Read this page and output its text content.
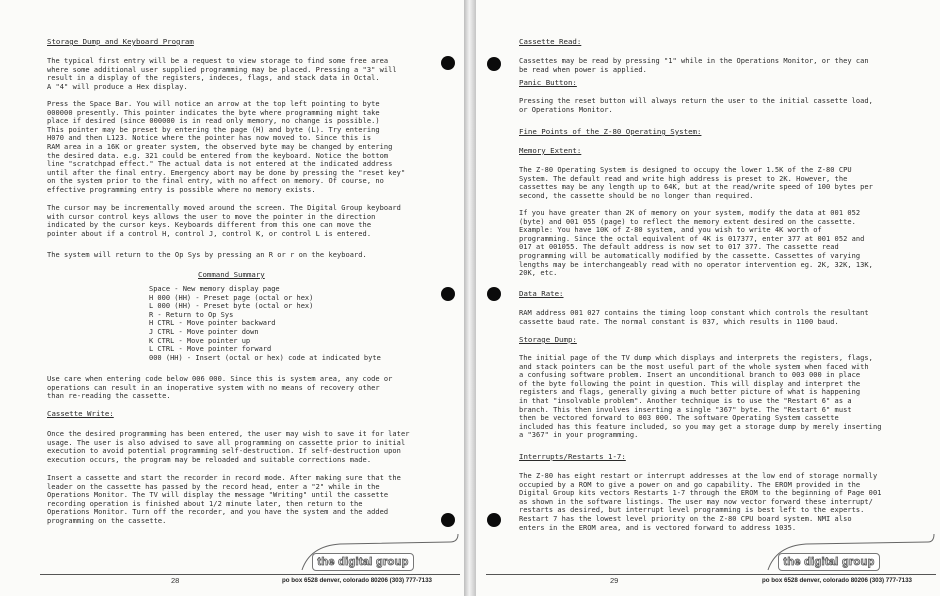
Storage Dump and Keyboard Program

The typical first entry will be a request to view storage to find some free area
where some additional user supplied programming may be placed. Pressing a "3" will
result in a display of the registers, indeces, flags, and stack data in Octal.
A "4" will produce a Hex display.

Press the Space Bar. You will notice an arrow at the top left pointing to byte
000000 presently. This pointer indicates the byte where programming might take
place if desired (since 000000 is in read only memory, no change is possible.)
This pointer may be preset by entering the page (H) and byte (L). Try entering
H070 and then L123. Notice where the pointer has now moved to. Since this is
RAM area in a 16K or greater system, the observed byte may be changed by entering
the desired data. e.g. 321 could be entered from the keyboard. Notice the bottom
line "scratchpad effect." The actual data is not entered at the indicated address
until after the final entry. Emergency abort may be done by pressing the "reset key"
on the system prior to the final entry, with no affect on memory. Of course, no
effective programming entry is possible where no memory exists.

The cursor may be incrementally moved around the screen. The Digital Group keyboard
with cursor control keys allows the user to move the pointer in the direction
indicated by the cursor keys. Keyboards different from this one can move the
pointer about if a control H, control J, control K, or control L is entered.

The system will return to the Op Sys by pressing an R or r on the keyboard.

Command Summary
Space - New memory display page
H 000 (HH) - Preset page (octal or hex)
L 000 (HH) - Preset byte (octal or hex)
R - Return to Op Sys
H CTRL - Move pointer backward
J CTRL - Move pointer down
K CTRL - Move pointer up
L CTRL - Move pointer forward
000 (HH) - Insert (octal or hex) code at indicated byte

Use care when entering code below 006 000. Since this is system area, any code or
operations can result in an inoperative system with no means of recovery other
than re-reading the cassette.

Cassette Write:

Once the desired programming has been entered, the user may wish to save it for later
usage. The user is also advised to save all programming on cassette prior to initial
execution to avoid potential programming self-destruction. If self-destruction upon
execution occurs, the program may be reloaded and suitable corrections made.

Insert a cassette and start the recorder in record mode. After making sure that the
leader on the cassette has passed by the record head, enter a "2" while in the
Operations Monitor. The TV will display the message "Writing" until the cassette
recording operation is finished about 1/2 minute later, then return to the
Operations Monitor. Turn off the recorder, and you have the system and the added
programming on the cassette.

the digital group
28	po box 6528 denver, colorado 80206 (303) 777-7133
Cassette Read:

Cassettes may be read by pressing "1" while in the Operations Monitor, or they can
be read when power is applied.

Panic Button:

Pressing the reset button will always return the user to the initial cassette load,
or Operations Monitor.

Fine Points of the Z-80 Operating System:
Memory Extent:

The Z-80 Operating System is designed to occupy the lower 1.5K of the Z-80 CPU
System. The default read and write high address is preset to 2K. However, the
cassettes may be any length up to 64K, but at the read/write speed of 100 bytes per
second, the cassette should be no longer than required.

If you have greater than 2K of memory on your system, modify the data at 001 052
(byte) and 001 055 (page) to reflect the memory extent desired on the cassette.
Example: You have 10K of Z-80 system, and you wish to write 4K worth of
programming. Since the octal equivalent of 4K is 017377, enter 377 at 001 052 and
017 at 001055. The default address is now set to 017 377. The cassette read
programming will be automatically modified by the cassette. Cassettes of varying
lengths may be interchangeably read with no operator intervention eg. 2K, 32K, 13K,
20K, etc.

Data Rate:

RAM address 001 027 contains the timing loop constant which controls the resultant
cassette baud rate. The normal constant is 037, which results in 1100 baud.

Storage Dump:

The initial page of the TV dump which displays and interprets the registers, flags,
and stack pointers can be the most useful part of the whole system when faced with
a confusing software problem. Insert an unconditional branch to 003 000 in place
of the byte following the point in question. This will display and interpret the
registers and flags, generally giving a much better picture of what is happening
in that "insolvable problem". Another technique is to use the "Restart 6" as a
branch. This then involves inserting a single "367" byte. The "Restart 6" must
then be vectored forward to 003 000. The software Operating System cassette
included has this feature included, so you may get a storage dump by merely inserting
a "367" in your programming.

Interrupts/Restarts 1-7:

The Z-80 has eight restart or interrupt addresses at the low end of storage normally
occupied by a ROM to give a power on and go capability. The EROM provided in the
Digital Group kits vectors Restarts 1-7 through the EROM to the beginning of Page 001
as shown in the software listings. The user may now vector forward these interrupt/
restarts as desired, but interrupt level programming is best left to the experts.
Restart 7 has the lowest level priority on the Z-80 CPU board system. NMI also
enters in the EROM area, and is vectored forward to address 1035.

the digital group
29	po box 6528 denver, colorado 80206 (303) 777-7133
